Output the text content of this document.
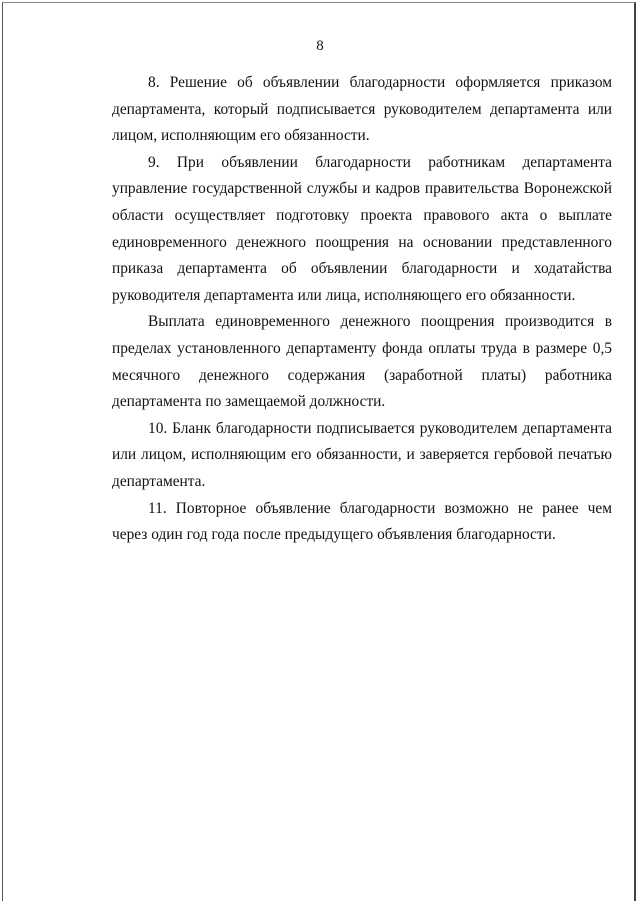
8

8. Решение об объявлении благодарности оформляется приказом департамента, который подписывается руководителем департамента или лицом, исполняющим его обязанности.

9. При объявлении благодарности работникам департамента управление государственной службы и кадров правительства Воронежской области осуществляет подготовку проекта правового акта о выплате единовременного денежного поощрения на основании представленного приказа департамента об объявлении благодарности и ходатайства руководителя департамента или лица, исполняющего его обязанности.

Выплата единовременного денежного поощрения производится в пределах установленного департаменту фонда оплаты труда в размере 0,5 месячного денежного содержания (заработной платы) работника департамента по замещаемой должности.

10. Бланк благодарности подписывается руководителем департамента или лицом, исполняющим его обязанности, и заверяется гербовой печатью департамента.

11. Повторное объявление благодарности возможно не ранее чем через один год года после предыдущего объявления благодарности.
